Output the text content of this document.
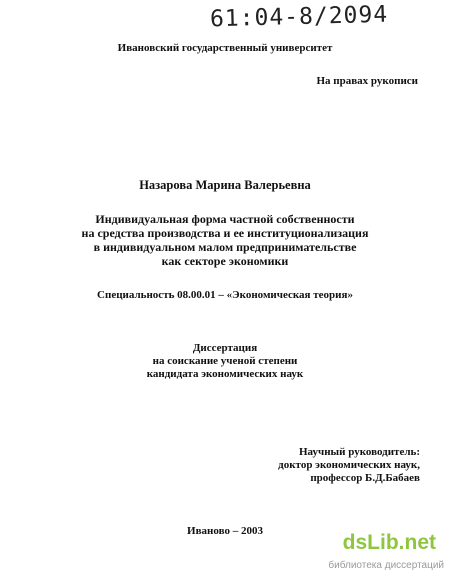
61:04-8/2094
Ивановский государственный университет
На правах рукописи
Назарова Марина Валерьевна
Индивидуальная форма частной собственности
на средства производства и ее институционализация
в индивидуальном малом предпринимательстве
как секторе экономики
Специальность 08.00.01 – «Экономическая теория»
Диссертация
на соискание ученой степени
кандидата экономических наук
Научный руководитель:
доктор экономических наук,
профессор Б.Д.Бабаев
Иваново – 2003	dsLib.net
библиотека диссертаций
